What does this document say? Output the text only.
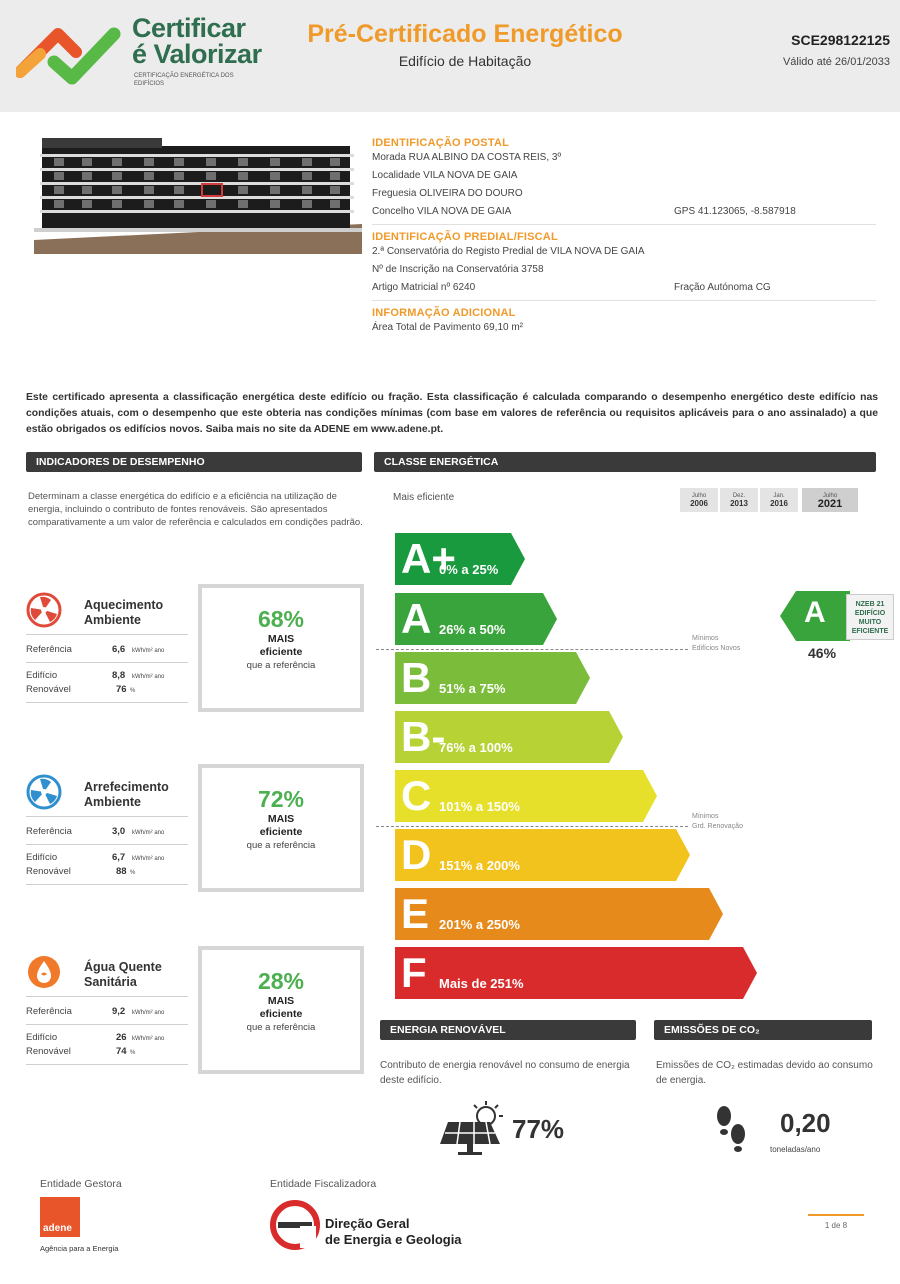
Certificar
é Valorizar
CERTIFICAÇÃO ENERGÉTICA DOS EDIFÍCIOS
Pré-Certificado Energético
Edifício de Habitação
SCE298122125
Válido até 26/01/2033
IDENTIFICAÇÃO POSTAL
Morada RUA ALBINO DA COSTA REIS, 3º
Localidade VILA NOVA DE GAIA
Freguesia OLIVEIRA DO DOURO
Concelho VILA NOVA DE GAIA	GPS 41.123065, -8.587918
IDENTIFICAÇÃO PREDIAL/FISCAL
2.ª Conservatória do Registo Predial de VILA NOVA DE GAIA
Nº de Inscrição na Conservatória 3758
Artigo Matricial nº 6240	Fração Autónoma CG
INFORMAÇÃO ADICIONAL
Área Total de Pavimento 69,10 m²
Este certificado apresenta a classificação energética deste edifício ou fração. Esta classificação é calculada comparando o desempenho energético deste edifício nas condições atuais, com o desempenho que este obteria nas condições mínimas (com base em valores de referência ou requisitos aplicáveis para o ano assinalado) a que estão obrigados os edifícios novos. Saiba mais no site da ADENE em www.adene.pt.
INDICADORES DE DESEMPENHO	CLASSE ENERGÉTICA
Determinam a classe energética do edifício e a eficiência na utilização de energia, incluindo o contributo de fontes renováveis. São apresentados comparativamente a um valor de referência e calculados em condições padrão.
Mais eficiente	Julho
2006
Dez.
2013
Jan.
2016
Julho
2021
Aquecimento
Ambiente
Referência	6,6 kWh/m² ano
Edifício	8,8 kWh/m² ano
Renovável	76 %
68%
MAIS
eficiente
que a referência
Arrefecimento
Ambiente
Referência	3,0 kWh/m² ano
Edifício	6,7 kWh/m² ano
Renovável	88 %
72%
MAIS
eficiente
que a referência
Água Quente
Sanitária
Referência	9,2 kWh/m² ano
Edifício	26 kWh/m² ano
Renovável	74 %
28%
MAIS
eficiente
que a referência
A+
0% a 25%
A 26% a 50%
B 51% a 75%
B-
76% a 100%
C 101% a 150%
D 151% a 200%
E 201% a 250%
F Mais de 251%
Mínimos
Edifícios Novos
Mínimos
Grd. Renovação
A	NZEB 21
EDIFÍCIO
MUITO
EFICIENTE
46%
ENERGIA RENOVÁVEL	EMISSÕES DE CO₂
Contributo de energia renovável no consumo de energia deste edifício.
Emissões de CO₂ estimadas devido ao consumo de energia.
77%	0,20
toneladas/ano
Entidade Gestora
adene
Agência para a Energia
Entidade Fiscalizadora
Direção Geral
de Energia e Geologia
1 de 8
